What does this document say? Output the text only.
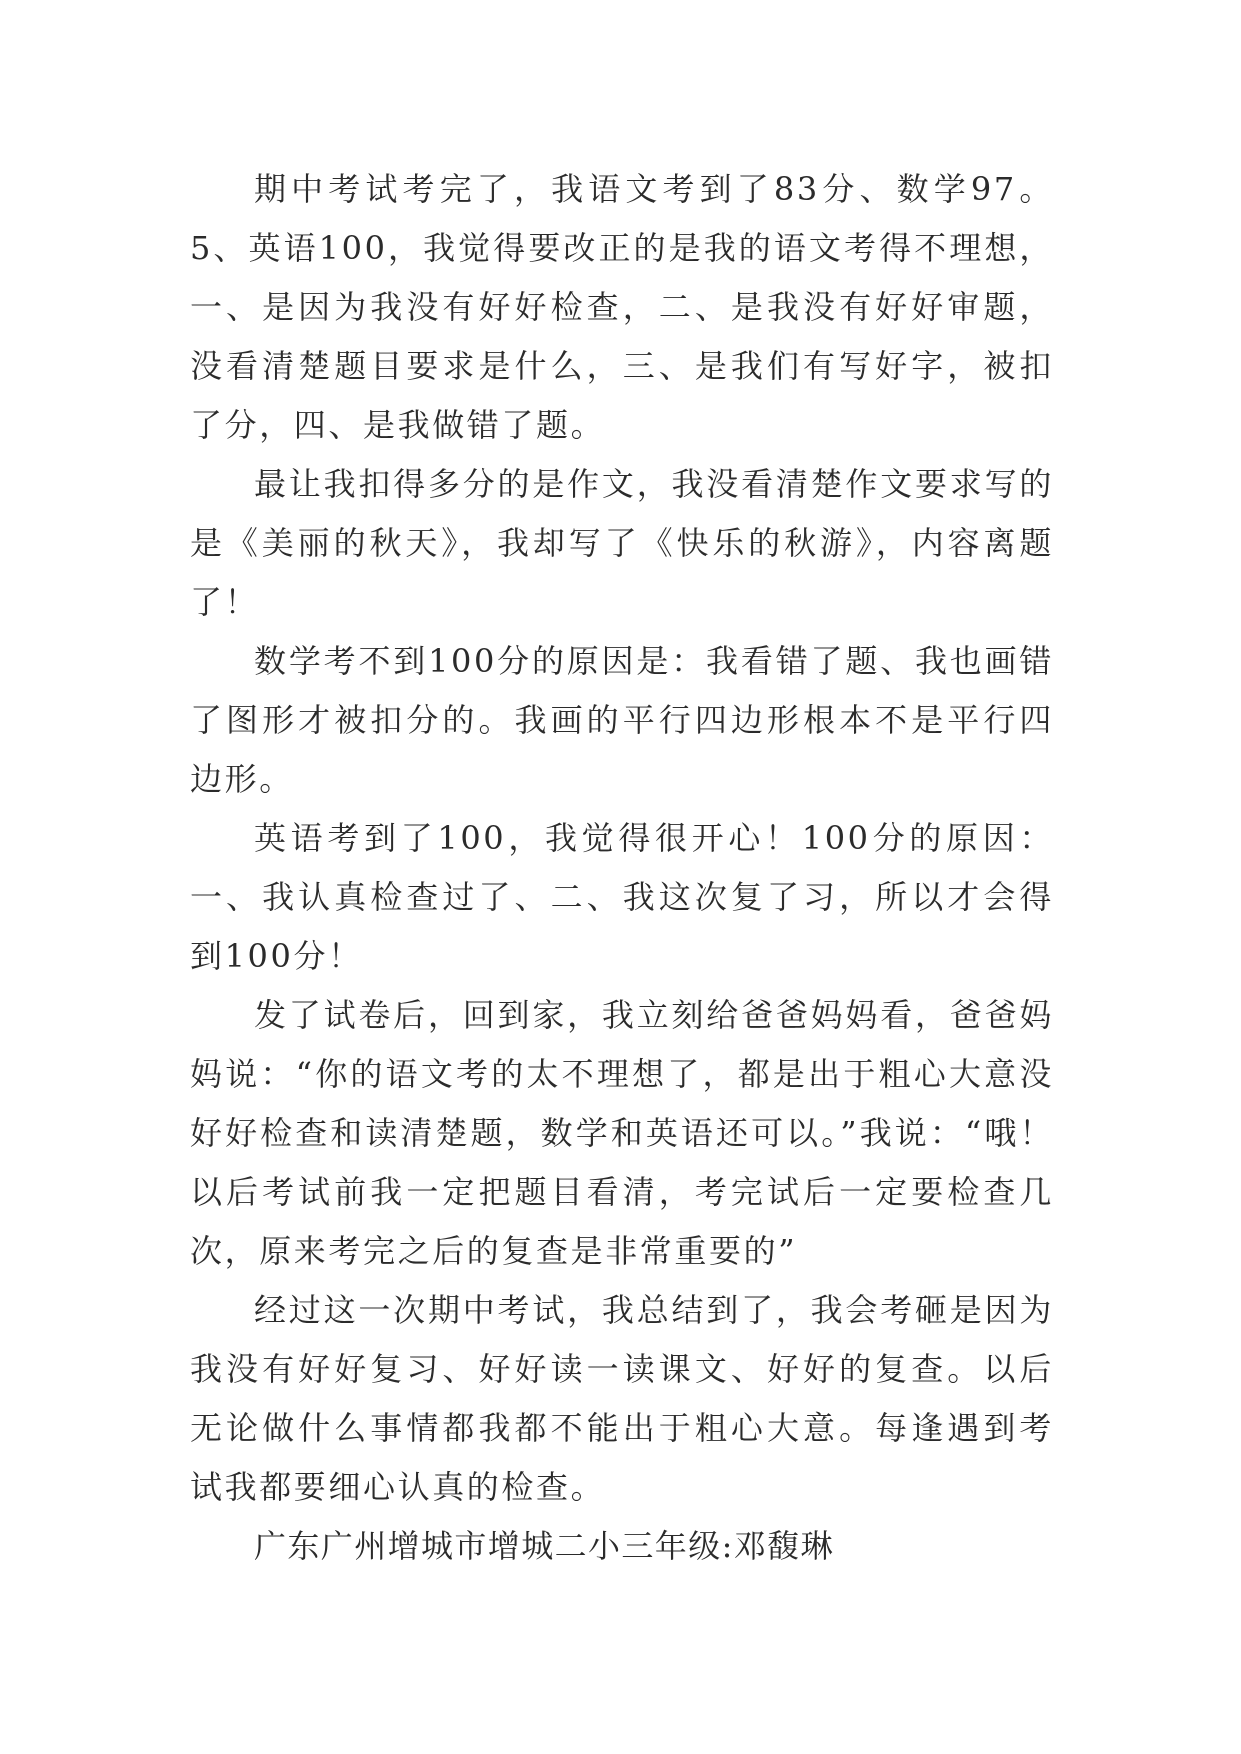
期中考试考完了，我语文考到了83分、数学97。5、英语100，我觉得要改正的是我的语文考得不理想，一、是因为我没有好好检查，二、是我没有好好审题，没看清楚题目要求是什么，三、是我们有写好字，被扣了分，四、是我做错了题。

最让我扣得多分的是作文，我没看清楚作文要求写的是《美丽的秋天》，我却写了《快乐的秋游》，内容离题了！

数学考不到100分的原因是：我看错了题、我也画错了图形才被扣分的。我画的平行四边形根本不是平行四边形。

英语考到了100，我觉得很开心！100分的原因：一、我认真检查过了、二、我这次复了习，所以才会得到100分！

发了试卷后，回到家，我立刻给爸爸妈妈看，爸爸妈妈说：“你的语文考的太不理想了，都是出于粗心大意没好好检查和读清楚题，数学和英语还可以。”我说：“哦！以后考试前我一定把题目看清，考完试后一定要检查几次，原来考完之后的复查是非常重要的”

经过这一次期中考试，我总结到了，我会考砸是因为我没有好好复习、好好读一读课文、好好的复查。以后无论做什么事情都我都不能出于粗心大意。每逢遇到考试我都要细心认真的检查。

广东广州增城市增城二小三年级:邓馥琳
